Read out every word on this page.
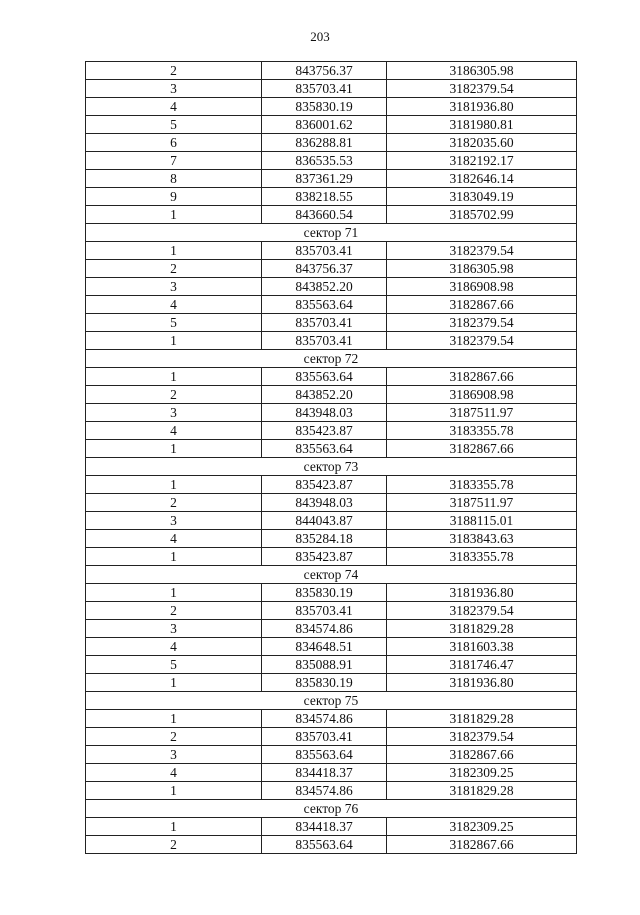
203
2	843756.37	3186305.98
3	835703.41	3182379.54
4	835830.19	3181936.80
5	836001.62	3181980.81
6	836288.81	3182035.60
7	836535.53	3182192.17
8	837361.29	3182646.14
9	838218.55	3183049.19
1	843660.54	3185702.99
сектор 71		
1	835703.41	3182379.54
2	843756.37	3186305.98
3	843852.20	3186908.98
4	835563.64	3182867.66
5	835703.41	3182379.54
1	835703.41	3182379.54
сектор 72		
1	835563.64	3182867.66
2	843852.20	3186908.98
3	843948.03	3187511.97
4	835423.87	3183355.78
1	835563.64	3182867.66
сектор 73		
1	835423.87	3183355.78
2	843948.03	3187511.97
3	844043.87	3188115.01
4	835284.18	3183843.63
1	835423.87	3183355.78
сектор 74		
1	835830.19	3181936.80
2	835703.41	3182379.54
3	834574.86	3181829.28
4	834648.51	3181603.38
5	835088.91	3181746.47
1	835830.19	3181936.80
сектор 75		
1	834574.86	3181829.28
2	835703.41	3182379.54
3	835563.64	3182867.66
4	834418.37	3182309.25
1	834574.86	3181829.28
сектор 76		
1	834418.37	3182309.25
2	835563.64	3182867.66
